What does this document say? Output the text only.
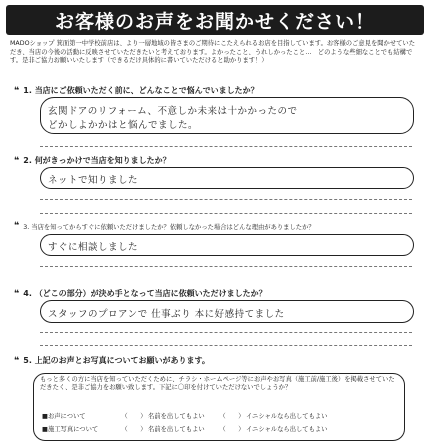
お客様のお声をお聞かせください！
MADOショップ 箕面第一中学校前店は、より一層地域の皆さまのご期待にこたえられるお店を目指しています。お客様のご意見を聞かせていただき、当店の今後の活動に反映させていただきたいと考えております。よかったこと、うれしかったこと…　どのような些細なことでも結構です。是非ご協力お願いいたします（できるだけ具体的に書いていただけると助かります！）
❝ 1. 当店にご依頼いただく前に、どんなことで悩んでいましたか？
玄関ドアのリフォーム、不意しか未来は十かかったので
どかしよかかはと悩んでました。
❝ 2. 何がきっかけで当店を知りましたか？
ネットで知りました
❝ 3. 当店を知ってからすぐに依頼いただけましたか？依頼しなかった場合はどんな理由がありましたか？
すぐに相談しました
❝ 4. （どこの部分）が決め手となって当店に依頼いただけましたか？
スタッフのプロアンで 仕事ぶり 本に好感持てました
❝ 5. 上記のお声とお写真についてお願いがあります。
もっと多くの方に当店を知っていただくために、チラシ・ホームページ等にお声やお写真（施工前/施工後）を掲載させていただきたく、是非ご協力をお願い致します。下記に〇印を付けていただけないでしょうか？
■お声について	（　　） 名前を出してもよい	（　　） イニシャルなら出してもよい
■施工写真について	（　　） 名前を出してもよい	（　　） イニシャルなら出してもよい
